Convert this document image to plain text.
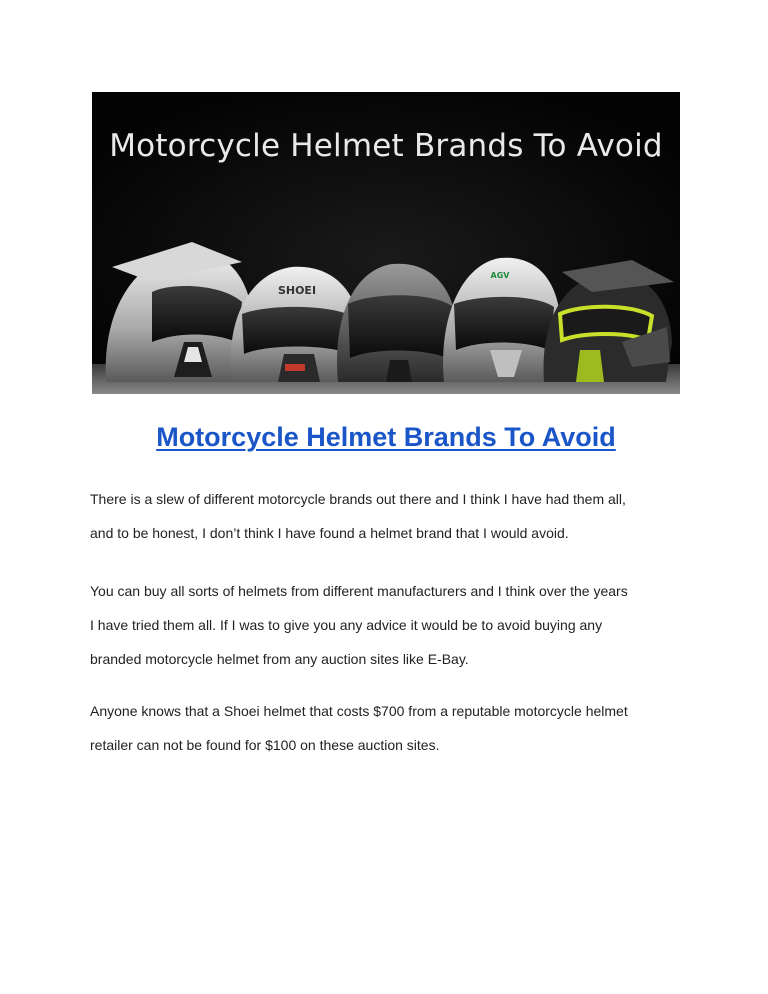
SHOEI
AGV
Motorcycle Helmet Brands To Avoid
Motorcycle Helmet Brands To Avoid

There is a slew of different motorcycle brands out there and I think I have had them all,
and to be honest, I don’t think I have found a helmet brand that I would avoid.

You can buy all sorts of helmets from different manufacturers and I think over the years
I have tried them all. If I was to give you any advice it would be to avoid buying any
branded motorcycle helmet from any auction sites like E-Bay.

Anyone knows that a Shoei helmet that costs $700 from a reputable motorcycle helmet
retailer can not be found for $100 on these auction sites.
